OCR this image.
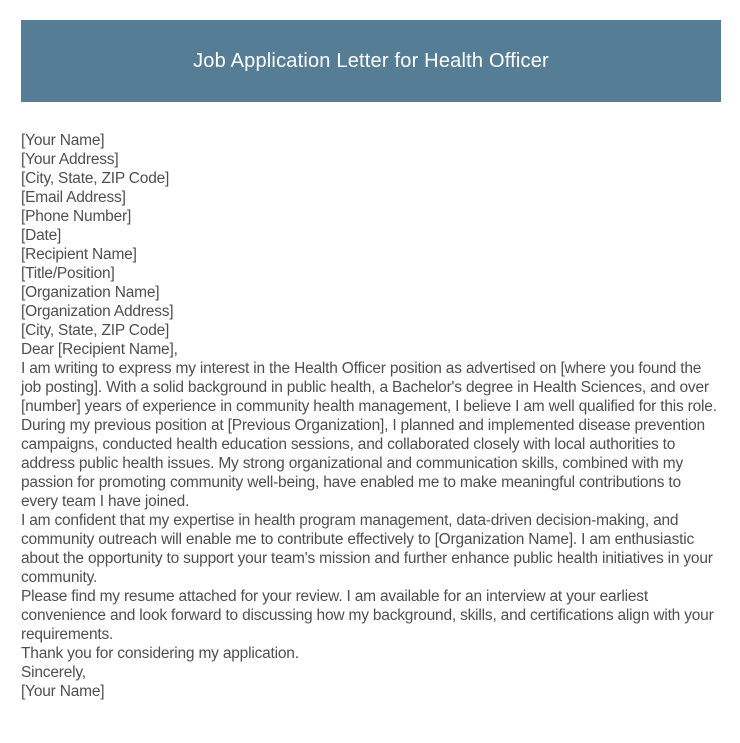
Job Application Letter for Health Officer
[Your Name]
[Your Address]
[City, State, ZIP Code]
[Email Address]
[Phone Number]
[Date]
[Recipient Name]
[Title/Position]
[Organization Name]
[Organization Address]
[City, State, ZIP Code]
Dear [Recipient Name],

I am writing to express my interest in the Health Officer position as advertised on [where you found the job posting]. With a solid background in public health, a Bachelor's degree in Health Sciences, and over [number] years of experience in community health management, I believe I am well qualified for this role.

During my previous position at [Previous Organization], I planned and implemented disease prevention campaigns, conducted health education sessions, and collaborated closely with local authorities to address public health issues. My strong organizational and communication skills, combined with my passion for promoting community well-being, have enabled me to make meaningful contributions to every team I have joined.

I am confident that my expertise in health program management, data-driven decision-making, and community outreach will enable me to contribute effectively to [Organization Name]. I am enthusiastic about the opportunity to support your team's mission and further enhance public health initiatives in your community.

Please find my resume attached for your review. I am available for an interview at your earliest convenience and look forward to discussing how my background, skills, and certifications align with your requirements.

Thank you for considering my application.
Sincerely,
[Your Name]
